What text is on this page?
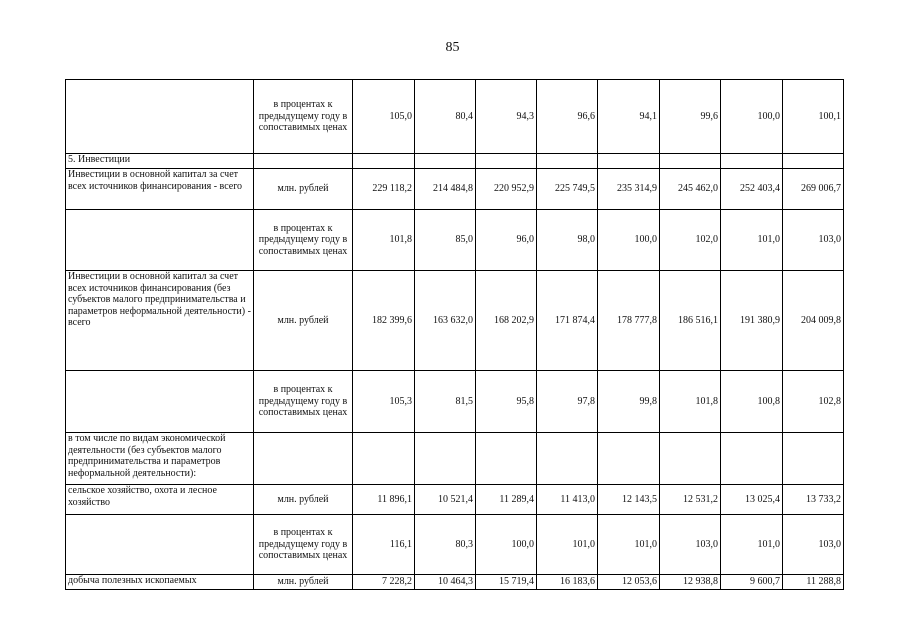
85
	в процентах к предыдущему году в сопоставимых ценах	105,0	80,4	94,3	96,6	94,1	99,6	100,0	100,1
5. Инвестиции									
Инвестиции в основной капитал за счет всех источников финансирования - всего	млн. рублей	229 118,2	214 484,8	220 952,9	225 749,5	235 314,9	245 462,0	252 403,4	269 006,7
	в процентах к предыдущему году в сопоставимых ценах	101,8	85,0	96,0	98,0	100,0	102,0	101,0	103,0
Инвестиции в основной капитал за счет всех источников финансирования (без субъектов малого предпринимательства и параметров неформальной деятельности) - всего	млн. рублей	182 399,6	163 632,0	168 202,9	171 874,4	178 777,8	186 516,1	191 380,9	204 009,8
	в процентах к предыдущему году в сопоставимых ценах	105,3	81,5	95,8	97,8	99,8	101,8	100,8	102,8
в том числе по видам экономической деятельности (без субъектов малого предпринимательства и параметров неформальной деятельности):									
сельское хозяйство, охота и лесное хозяйство	млн. рублей	11 896,1	10 521,4	11 289,4	11 413,0	12 143,5	12 531,2	13 025,4	13 733,2
	в процентах к предыдущему году в сопоставимых ценах	116,1	80,3	100,0	101,0	101,0	103,0	101,0	103,0
добыча полезных ископаемых	млн. рублей	7 228,2	10 464,3	15 719,4	16 183,6	12 053,6	12 938,8	9 600,7	11 288,8
